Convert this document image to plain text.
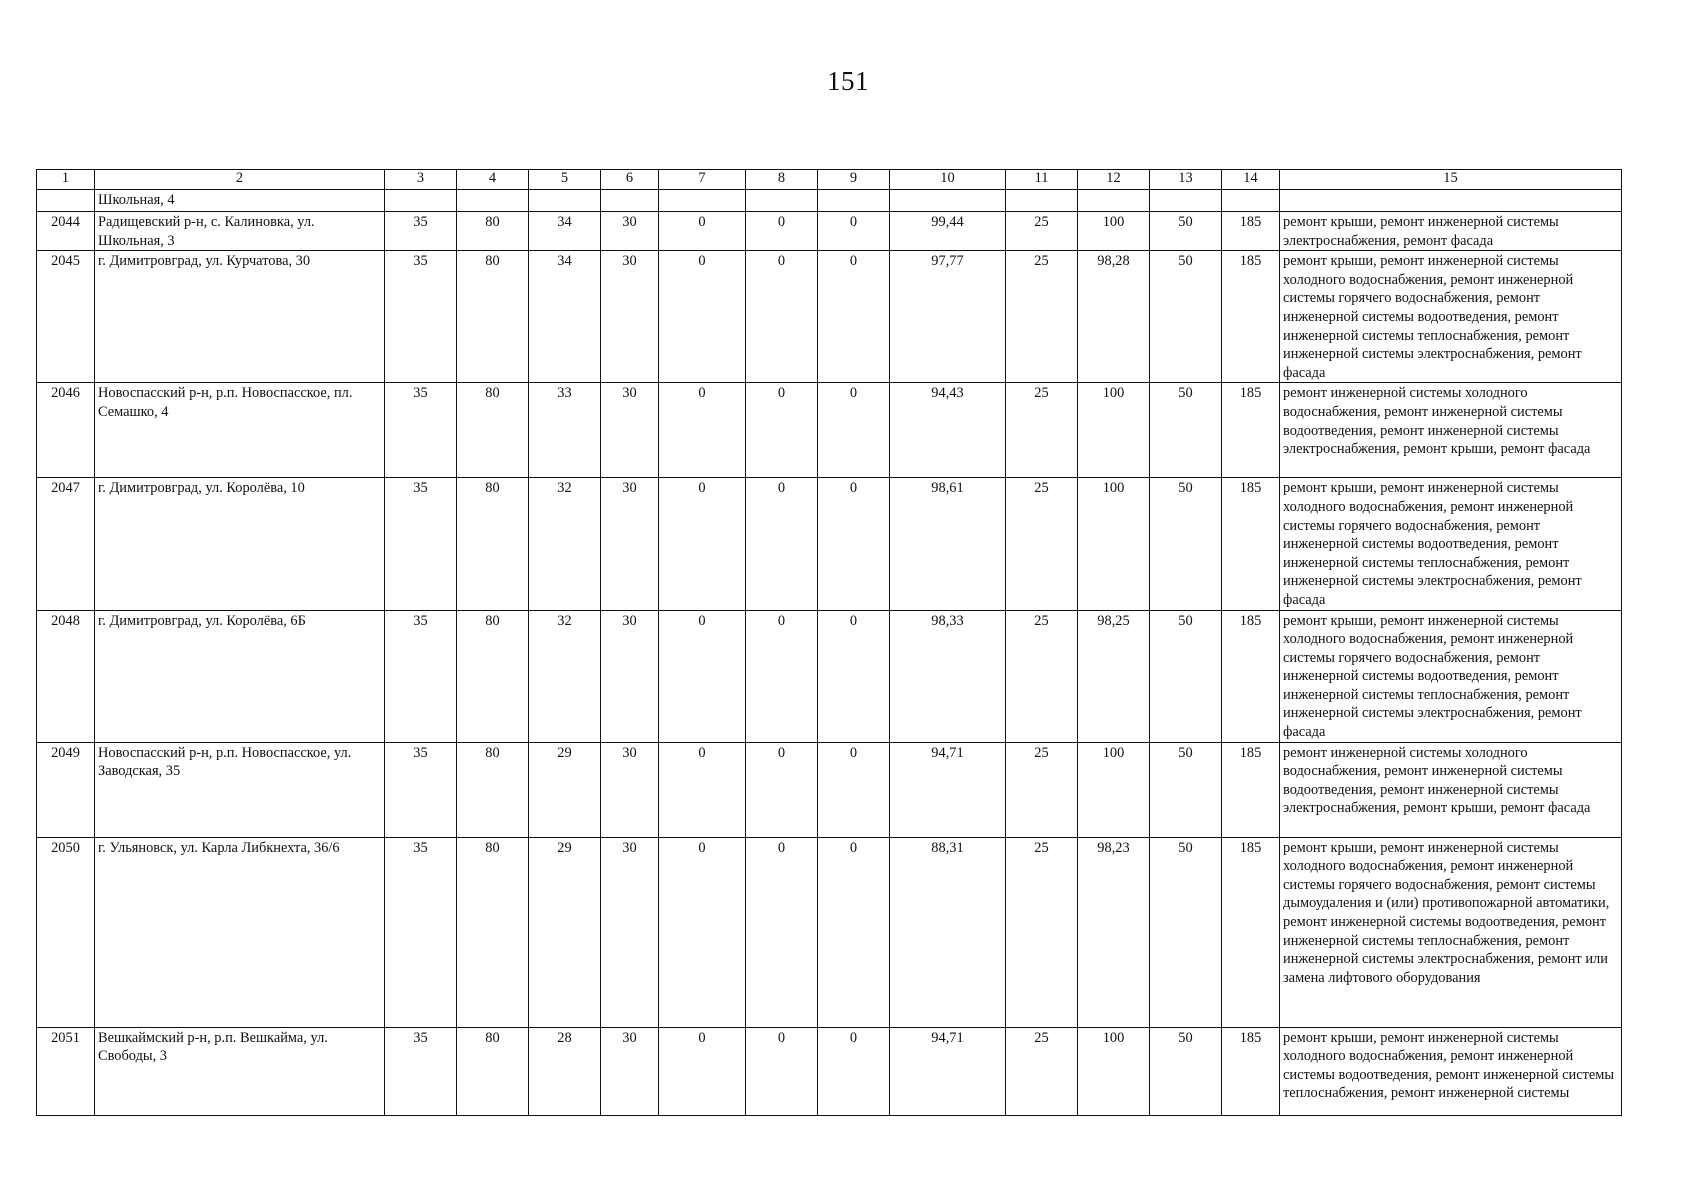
151
1	2	3	4	5	6	7	8	9	10	11	12	13	14	15
	Школьная, 4													
2044	Радищевский р-н, с. Калиновка, ул. Школьная, 3	35	80	34	30	0	0	0	99,44	25	100	50	185	ремонт крыши, ремонт инженерной системы электроснабжения, ремонт фасада
2045	г. Димитровград, ул. Курчатова, 30	35	80	34	30	0	0	0	97,77	25	98,28	50	185	ремонт крыши, ремонт инженерной системы холодного водоснабжения, ремонт инженерной системы горячего водоснабжения, ремонт инженерной системы водоотведения, ремонт инженерной системы теплоснабжения, ремонт инженерной системы электроснабжения, ремонт фасада
2046	Новоспасский р-н, р.п. Новоспасское, пл. Семашко, 4	35	80	33	30	0	0	0	94,43	25	100	50	185	ремонт инженерной системы холодного водоснабжения, ремонт инженерной системы водоотведения, ремонт инженерной системы электроснабжения, ремонт крыши, ремонт фасада
2047	г. Димитровград, ул. Королёва, 10	35	80	32	30	0	0	0	98,61	25	100	50	185	ремонт крыши, ремонт инженерной системы холодного водоснабжения, ремонт инженерной системы горячего водоснабжения, ремонт инженерной системы водоотведения, ремонт инженерной системы теплоснабжения, ремонт инженерной системы электроснабжения, ремонт фасада
2048	г. Димитровград, ул. Королёва, 6Б	35	80	32	30	0	0	0	98,33	25	98,25	50	185	ремонт крыши, ремонт инженерной системы холодного водоснабжения, ремонт инженерной системы горячего водоснабжения, ремонт инженерной системы водоотведения, ремонт инженерной системы теплоснабжения, ремонт инженерной системы электроснабжения, ремонт фасада
2049	Новоспасский р-н, р.п. Новоспасское, ул. Заводская, 35	35	80	29	30	0	0	0	94,71	25	100	50	185	ремонт инженерной системы холодного водоснабжения, ремонт инженерной системы водоотведения, ремонт инженерной системы электроснабжения, ремонт крыши, ремонт фасада
2050	г. Ульяновск, ул. Карла Либкнехта, 36/6	35	80	29	30	0	0	0	88,31	25	98,23	50	185	ремонт крыши, ремонт инженерной системы холодного водоснабжения, ремонт инженерной системы горячего водоснабжения, ремонт системы дымоудаления и (или) противопожарной автоматики, ремонт инженерной системы водоотведения, ремонт инженерной системы теплоснабжения, ремонт инженерной системы электроснабжения, ремонт или замена лифтового оборудования
2051	Вешкаймский р-н, р.п. Вешкайма, ул. Свободы, 3	35	80	28	30	0	0	0	94,71	25	100	50	185	ремонт крыши, ремонт инженерной системы холодного водоснабжения, ремонт инженерной системы водоотведения, ремонт инженерной системы теплоснабжения, ремонт инженерной системы
